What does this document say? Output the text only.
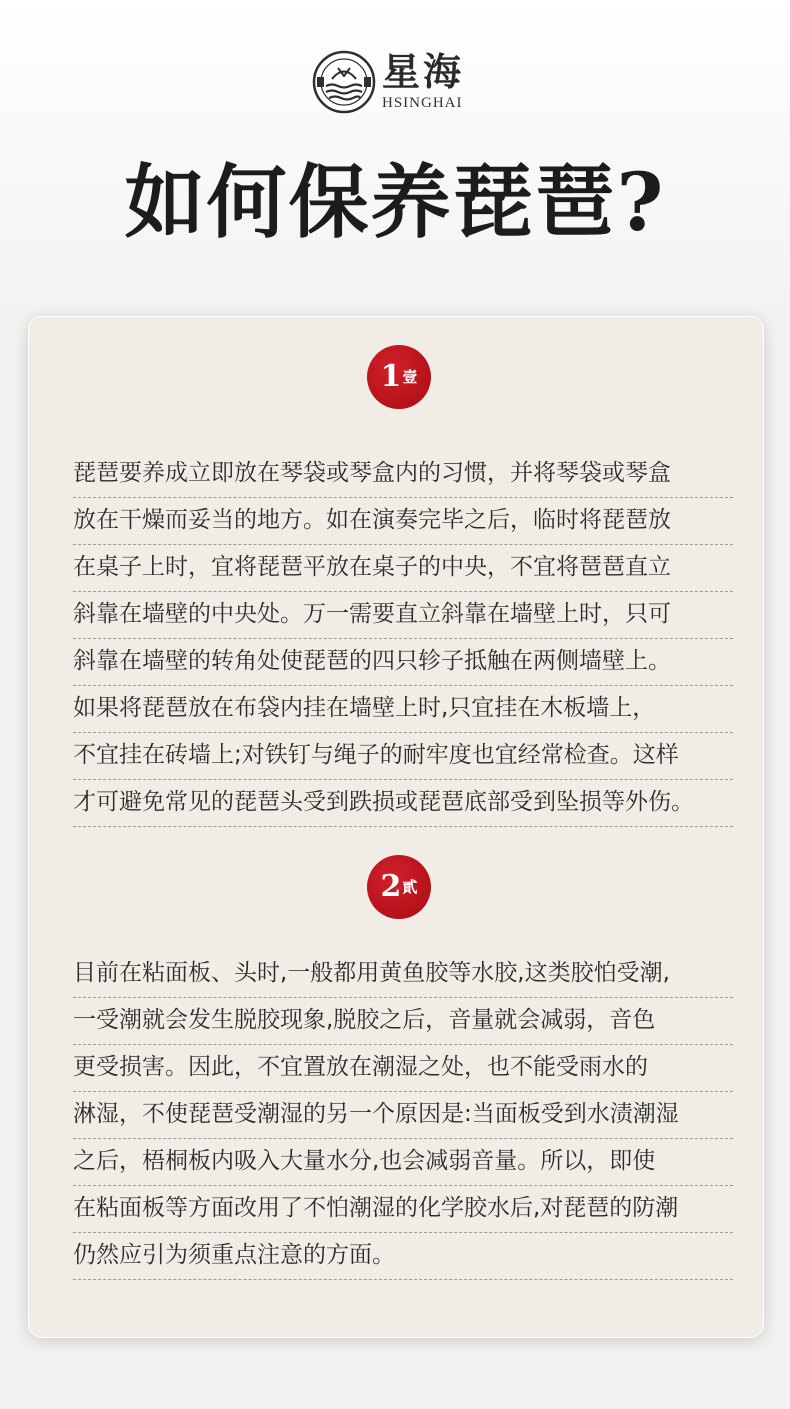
星海
HSINGHAI
如何保养琵琶?
1壹
琵琶要养成立即放在琴袋或琴盒内的习惯，并将琴袋或琴盒
放在干燥而妥当的地方。如在演奏完毕之后，临时将琵琶放
在桌子上时，宜将琵琶平放在桌子的中央，不宜将琶琶直立
斜靠在墙壁的中央处。万一需要直立斜靠在墙壁上时，只可
斜靠在墙壁的转角处使琵琶的四只轸子抵触在两侧墙壁上。
如果将琵琶放在布袋内挂在墙壁上时,只宜挂在木板墙上，
不宜挂在砖墙上;对铁钉与绳子的耐牢度也宜经常检查。这样
才可避免常见的琵琶头受到跌损或琵琶底部受到坠损等外伤。
2貳
目前在粘面板、头时,一般都用黄鱼胶等水胶,这类胶怕受潮,
一受潮就会发生脱胶现象,脱胶之后，音量就会减弱，音色
更受损害。因此，不宜置放在潮湿之处，也不能受雨水的
淋湿，不使琵琶受潮湿的另一个原因是:当面板受到水渍潮湿
之后，梧桐板内吸入大量水分,也会减弱音量。所以，即使
在粘面板等方面改用了不怕潮湿的化学胶水后,对琵琶的防潮
仍然应引为须重点注意的方面。
